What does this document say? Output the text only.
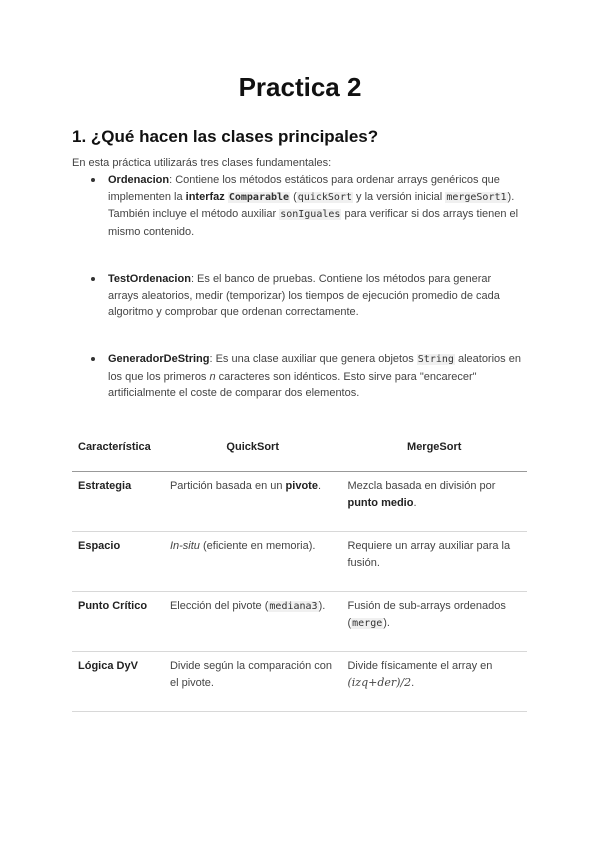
Practica 2
1. ¿Qué hacen las clases principales?

En esta práctica utilizarás tres clases fundamentales:

Ordenacion: Contiene los métodos estáticos para ordenar arrays genéricos que implementen la interfaz Comparable (quickSort y la versión inicial mergeSort1). También incluye el método auxiliar sonIguales para verificar si dos arrays tienen el mismo contenido.
TestOrdenacion: Es el banco de pruebas. Contiene los métodos para generar arrays aleatorios, medir (temporizar) los tiempos de ejecución promedio de cada algoritmo y comprobar que ordenan correctamente.
GeneradorDeString: Es una clase auxiliar que genera objetos String aleatorios en los que los primeros n caracteres son idénticos. Esto sirve para "encarecer" artificialmente el coste de comparar dos elementos.
Característica	QuickSort	MergeSort
Estrategia	Partición basada en un pivote.	Mezcla basada en división por punto medio.
Espacio	In-situ (eficiente en memoria).	Requiere un array auxiliar para la fusión.
Punto Crítico	Elección del pivote (mediana3).	Fusión de sub-arrays ordenados (merge).
Lógica DyV	Divide según la comparación con el pivote.	Divide físicamente el array en (izq+der)/2.
